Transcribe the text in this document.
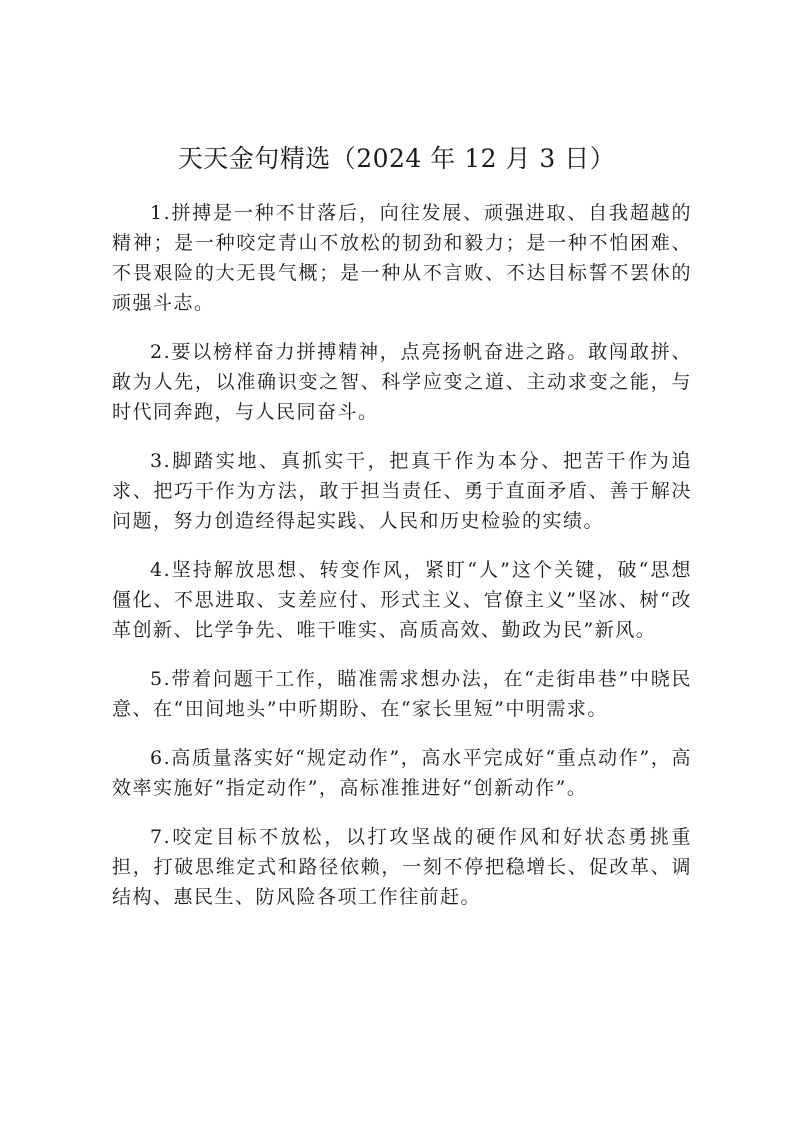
天天金句精选（2024 年 12 月 3 日）

1.拼搏是一种不甘落后，向往发展、顽强进取、自我超越的精神；是一种咬定青山不放松的韧劲和毅力；是一种不怕困难、不畏艰险的大无畏气概；是一种从不言败、不达目标誓不罢休的顽强斗志。

2.要以榜样奋力拼搏精神，点亮扬帆奋进之路。敢闯敢拼、敢为人先，以准确识变之智、科学应变之道、主动求变之能，与时代同奔跑，与人民同奋斗。

3.脚踏实地、真抓实干，把真干作为本分、把苦干作为追求、把巧干作为方法，敢于担当责任、勇于直面矛盾、善于解决问题，努力创造经得起实践、人民和历史检验的实绩。

4.坚持解放思想、转变作风，紧盯“人”这个关键，破“思想僵化、不思进取、支差应付、形式主义、官僚主义”坚冰、树“改革创新、比学争先、唯干唯实、高质高效、勤政为民”新风。

5.带着问题干工作，瞄准需求想办法，在“走街串巷”中晓民意、在“田间地头”中听期盼、在“家长里短”中明需求。

6.高质量落实好“规定动作”，高水平完成好“重点动作”，高效率实施好“指定动作”，高标准推进好“创新动作”。

7.咬定目标不放松，以打攻坚战的硬作风和好状态勇挑重担，打破思维定式和路径依赖，一刻不停把稳增长、促改革、调结构、惠民生、防风险各项工作往前赶。
